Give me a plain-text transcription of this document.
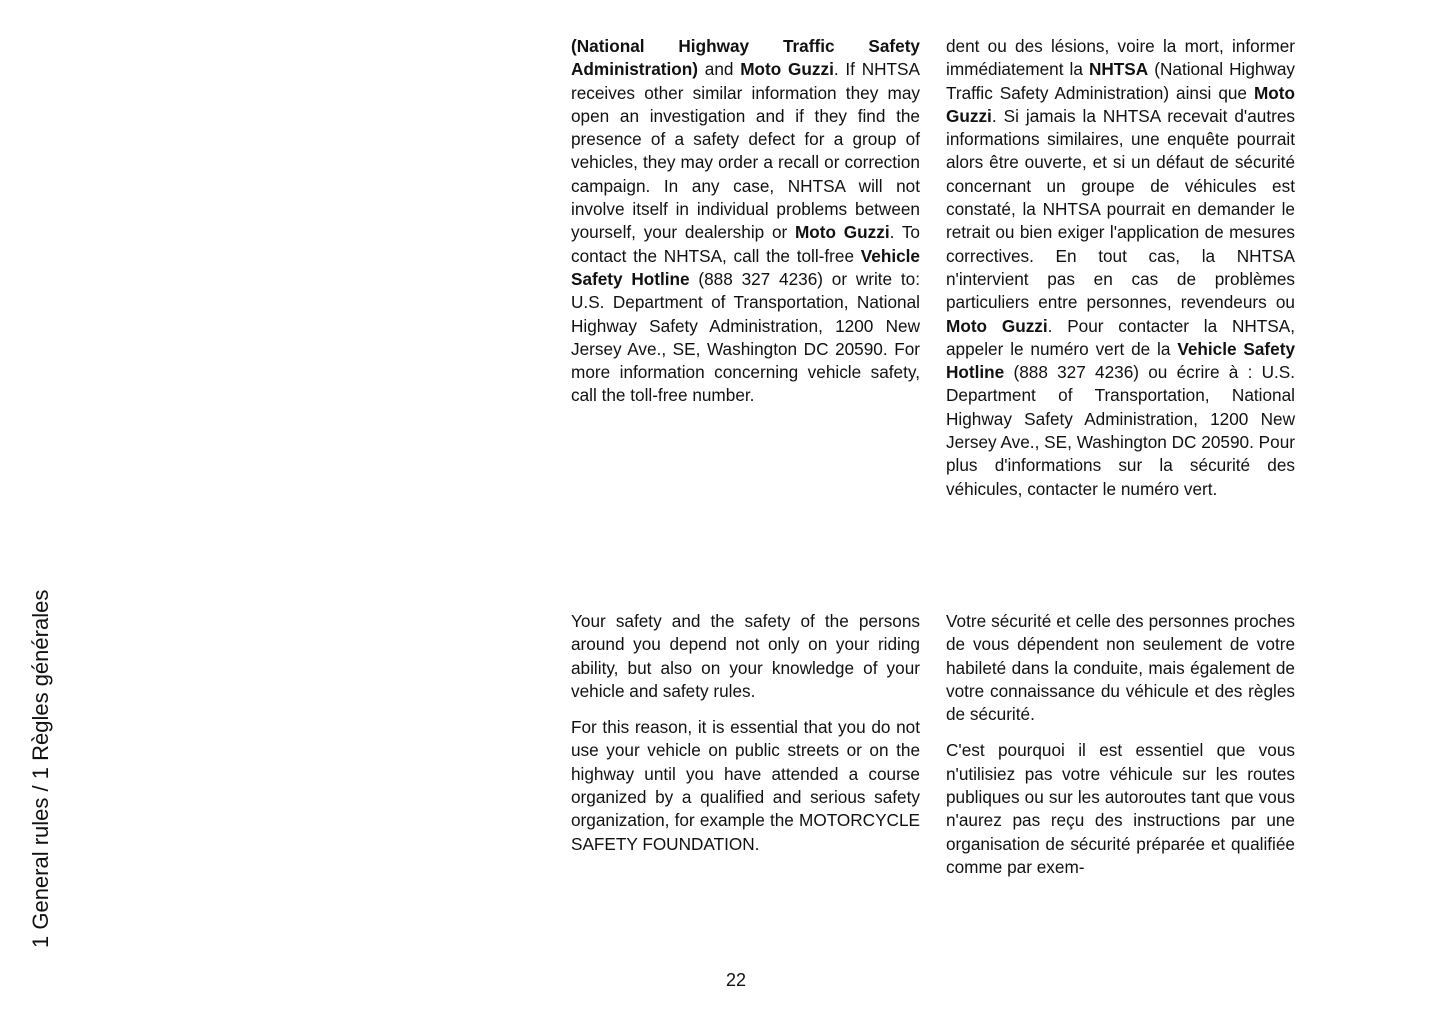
1 General rules / 1 Règles générales

(National Highway Traffic Safety Administration) and Moto Guzzi. If NHTSA receives other similar information they may open an investigation and if they find the presence of a safety defect for a group of vehicles, they may order a recall or correction campaign. In any case, NHTSA will not involve itself in individual problems between yourself, your dealership or Moto Guzzi. To contact the NHTSA, call the toll-free Vehicle Safety Hotline (888 327 4236) or write to: U.S. Department of Transportation, National Highway Safety Administration, 1200 New Jersey Ave., SE, Washington DC 20590. For more information concerning vehicle safety, call the toll-free number.

dent ou des lésions, voire la mort, informer immédiatement la NHTSA (National Highway Traffic Safety Administration) ainsi que Moto Guzzi. Si jamais la NHTSA recevait d'autres informations similaires, une enquête pourrait alors être ouverte, et si un défaut de sécurité concernant un groupe de véhicules est constaté, la NHTSA pourrait en demander le retrait ou bien exiger l'application de mesures correctives. En tout cas, la NHTSA n'intervient pas en cas de problèmes particuliers entre personnes, revendeurs ou Moto Guzzi. Pour contacter la NHTSA, appeler le numéro vert de la Vehicle Safety Hotline (888 327 4236) ou écrire à : U.S. Department of Transportation, National Highway Safety Administration, 1200 New Jersey Ave., SE, Washington DC 20590. Pour plus d'informations sur la sécurité des véhicules, contacter le numéro vert.

Your safety and the safety of the persons around you depend not only on your riding ability, but also on your knowledge of your vehicle and safety rules.

For this reason, it is essential that you do not use your vehicle on public streets or on the highway until you have attended a course organized by a qualified and serious safety organization, for example the MOTORCYCLE SAFETY FOUNDATION.

Votre sécurité et celle des personnes proches de vous dépendent non seulement de votre habileté dans la conduite, mais également de votre connaissance du véhicule et des règles de sécurité.

C'est pourquoi il est essentiel que vous n'utilisiez pas votre véhicule sur les routes publiques ou sur les autoroutes tant que vous n'aurez pas reçu des instructions par une organisation de sécurité préparée et qualifiée comme par exem-

22
